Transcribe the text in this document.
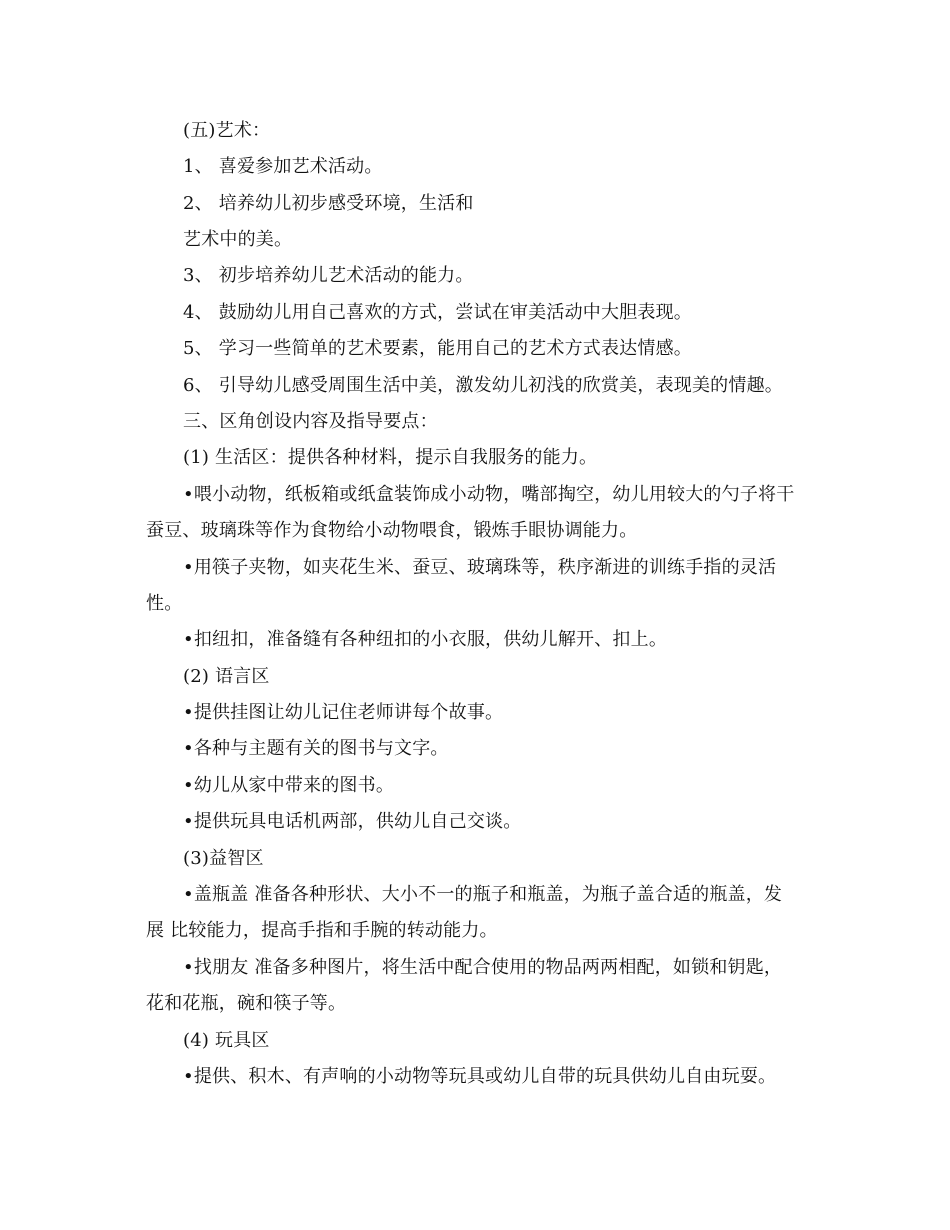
(五)艺术：
1、 喜爱参加艺术活动。
2、 培养幼儿初步感受环境，生活和
艺术中的美。
3、 初步培养幼儿艺术活动的能力。
4、 鼓励幼儿用自己喜欢的方式，尝试在审美活动中大胆表现。
5、 学习一些简单的艺术要素，能用自己的艺术方式表达情感。
6、 引导幼儿感受周围生活中美，激发幼儿初浅的欣赏美，表现美的情趣。
三、区角创设内容及指导要点：
(1) 生活区：提供各种材料，提示自我服务的能力。
•喂小动物，纸板箱或纸盒装饰成小动物，嘴部掏空，幼儿用较大的勺子将干
蚕豆、玻璃珠等作为食物给小动物喂食，锻炼手眼协调能力。
•用筷子夹物，如夹花生米、蚕豆、玻璃珠等，秩序渐进的训练手指的灵活
性。
•扣纽扣，准备缝有各种纽扣的小衣服，供幼儿解开、扣上。
(2) 语言区
•提供挂图让幼儿记住老师讲每个故事。
•各种与主题有关的图书与文字。
•幼儿从家中带来的图书。
•提供玩具电话机两部，供幼儿自己交谈。
(3)益智区
•盖瓶盖 准备各种形状、大小不一的瓶子和瓶盖，为瓶子盖合适的瓶盖，发
展 比较能力，提高手指和手腕的转动能力。
•找朋友 准备多种图片，将生活中配合使用的物品两两相配，如锁和钥匙，
花和花瓶，碗和筷子等。
(4) 玩具区
•提供、积木、有声响的小动物等玩具或幼儿自带的玩具供幼儿自由玩耍。
